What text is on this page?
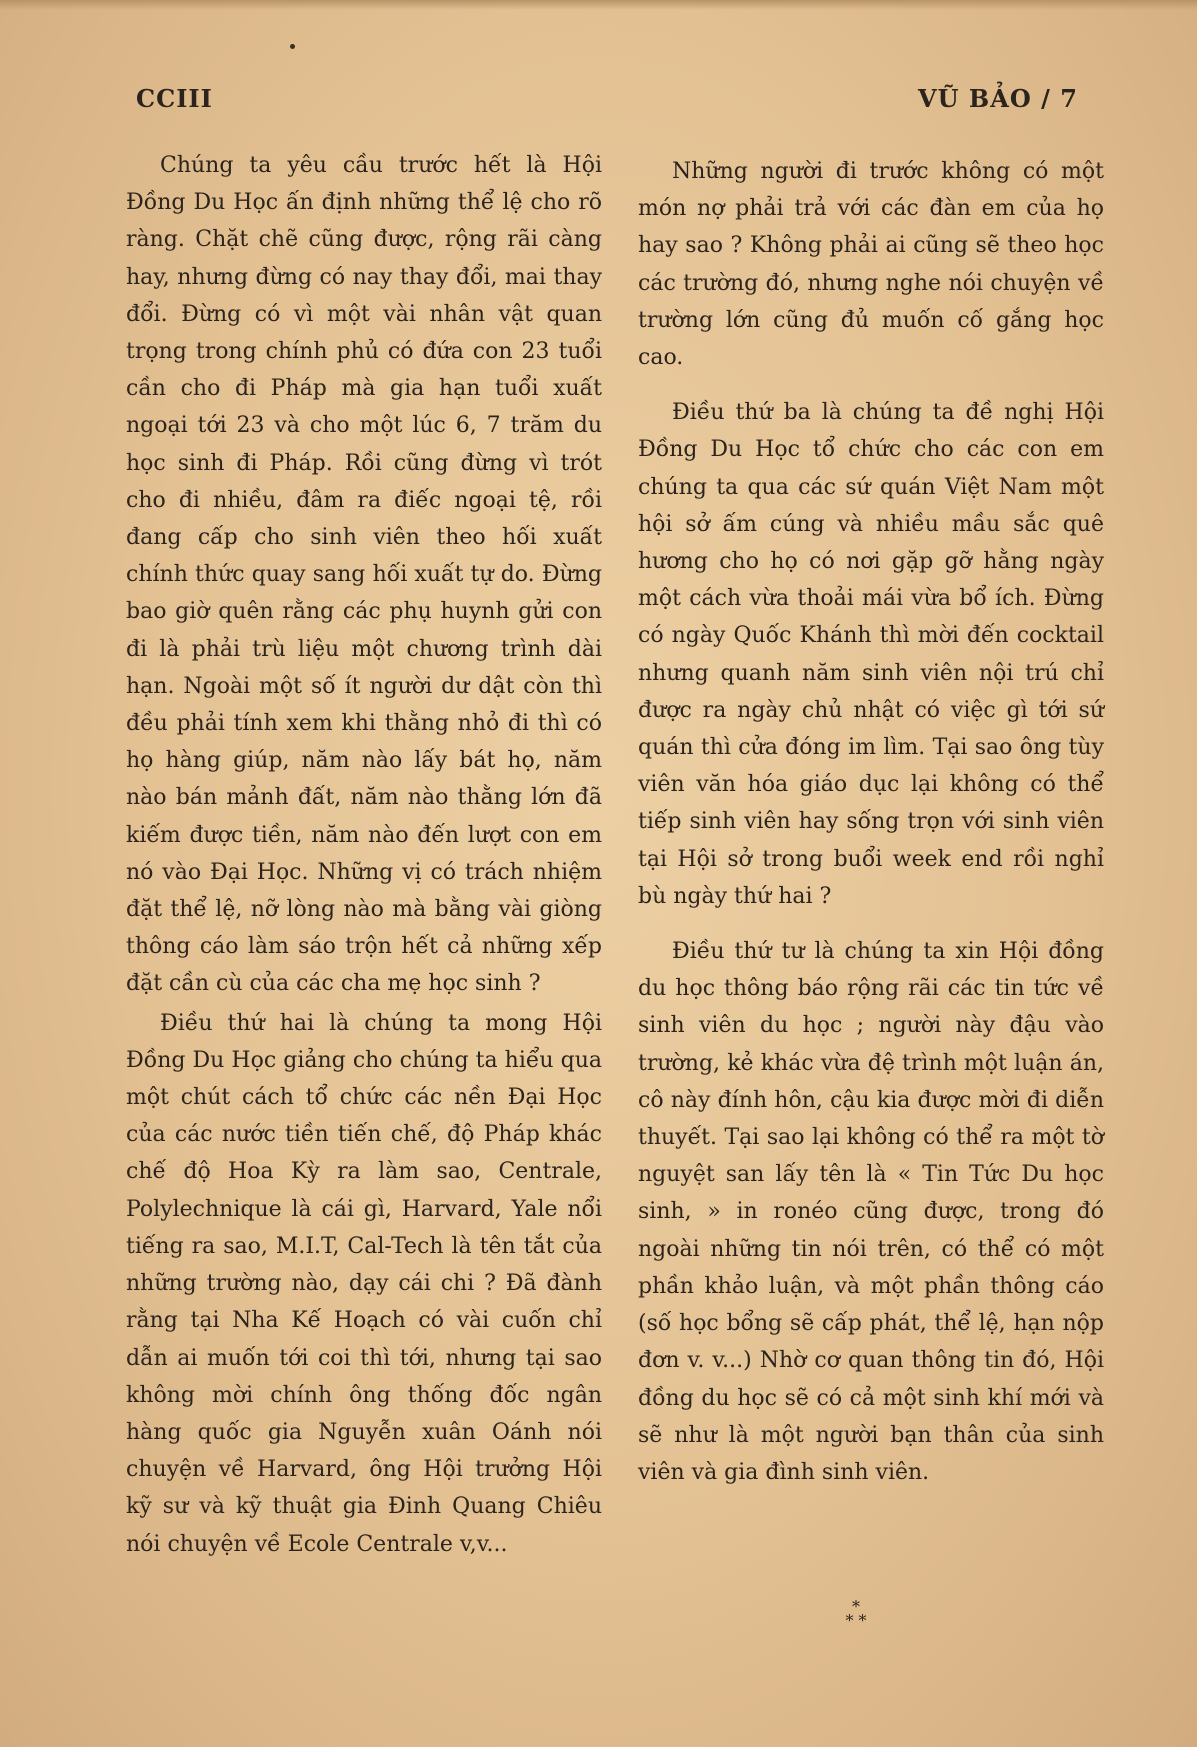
CCIII	VŨ BẢO / 7

Chúng ta yêu cầu trước hết là Hội Đồng Du Học ấn định những thể lệ cho rõ ràng. Chặt chẽ cũng được, rộng rãi càng hay, nhưng đừng có nay thay đổi, mai thay đổi. Đừng có vì một vài nhân vật quan trọng trong chính phủ có đứa con 23 tuổi cần cho đi Pháp mà gia hạn tuổi xuất ngoại tới 23 và cho một lúc 6, 7 trăm du học sinh đi Pháp. Rồi cũng đừng vì trót cho đi nhiều, đâm ra điếc ngoại tệ, rồi đang cấp cho sinh viên theo hối xuất chính thức quay sang hối xuất tự do. Đừng bao giờ quên rằng các phụ huynh gửi con đi là phải trù liệu một chương trình dài hạn. Ngoài một số ít người dư dật còn thì đều phải tính xem khi thằng nhỏ đi thì có họ hàng giúp, năm nào lấy bát họ, năm nào bán mảnh đất, năm nào thằng lớn đã kiếm được tiền, năm nào đến lượt con em nó vào Đại Học. Những vị có trách nhiệm đặt thể lệ, nỡ lòng nào mà bằng vài giòng thông cáo làm sáo trộn hết cả những xếp đặt cần cù của các cha mẹ học sinh ?

Điều thứ hai là chúng ta mong Hội Đồng Du Học giảng cho chúng ta hiểu qua một chút cách tổ chức các nền Đại Học của các nước tiền tiến chế, độ Pháp khác chế độ Hoa Kỳ ra làm sao, Centrale, Polylechnique là cái gì, Harvard, Yale nổi tiếng ra sao, M.I.T, Cal-Tech là tên tắt của những trường nào, dạy cái chi ? Đã đành rằng tại Nha Kế Hoạch có vài cuốn chỉ dẫn ai muốn tới coi thì tới, nhưng tại sao không mời chính ông thống đốc ngân hàng quốc gia Nguyễn xuân Oánh nói chuyện về Harvard, ông Hội trưởng Hội kỹ sư và kỹ thuật gia Đinh Quang Chiêu nói chuyện về Ecole Centrale v,v...

Những người đi trước không có một món nợ phải trả với các đàn em của họ hay sao ? Không phải ai cũng sẽ theo học các trường đó, nhưng nghe nói chuyện về trường lớn cũng đủ muốn cố gắng học cao.

Điều thứ ba là chúng ta đề nghị Hội Đồng Du Học tổ chức cho các con em chúng ta qua các sứ quán Việt Nam một hội sở ấm cúng và nhiều mầu sắc quê hương cho họ có nơi gặp gỡ hằng ngày một cách vừa thoải mái vừa bổ ích. Đừng có ngày Quốc Khánh thì mời đến cocktail nhưng quanh năm sinh viên nội trú chỉ được ra ngày chủ nhật có việc gì tới sứ quán thì cửa đóng im lìm. Tại sao ông tùy viên văn hóa giáo dục lại không có thể tiếp sinh viên hay sống trọn với sinh viên tại Hội sở trong buổi week end rồi nghỉ bù ngày thứ hai ?

Điều thứ tư là chúng ta xin Hội đồng du học thông báo rộng rãi các tin tức về sinh viên du học ; người này đậu vào trường, kẻ khác vừa đệ trình một luận án, cô này đính hôn, cậu kia được mời đi diễn thuyết. Tại sao lại không có thể ra một tờ nguyệt san lấy tên là « Tin Tức Du học sinh, » in ronéo cũng được, trong đó ngoài những tin nói trên, có thể có một phần khảo luận, và một phần thông cáo (số học bổng sẽ cấp phát, thể lệ, hạn nộp đơn v. v...) Nhờ cơ quan thông tin đó, Hội đồng du học sẽ có cả một sinh khí mới và sẽ như là một người bạn thân của sinh viên và gia đình sinh viên.

*
* *
